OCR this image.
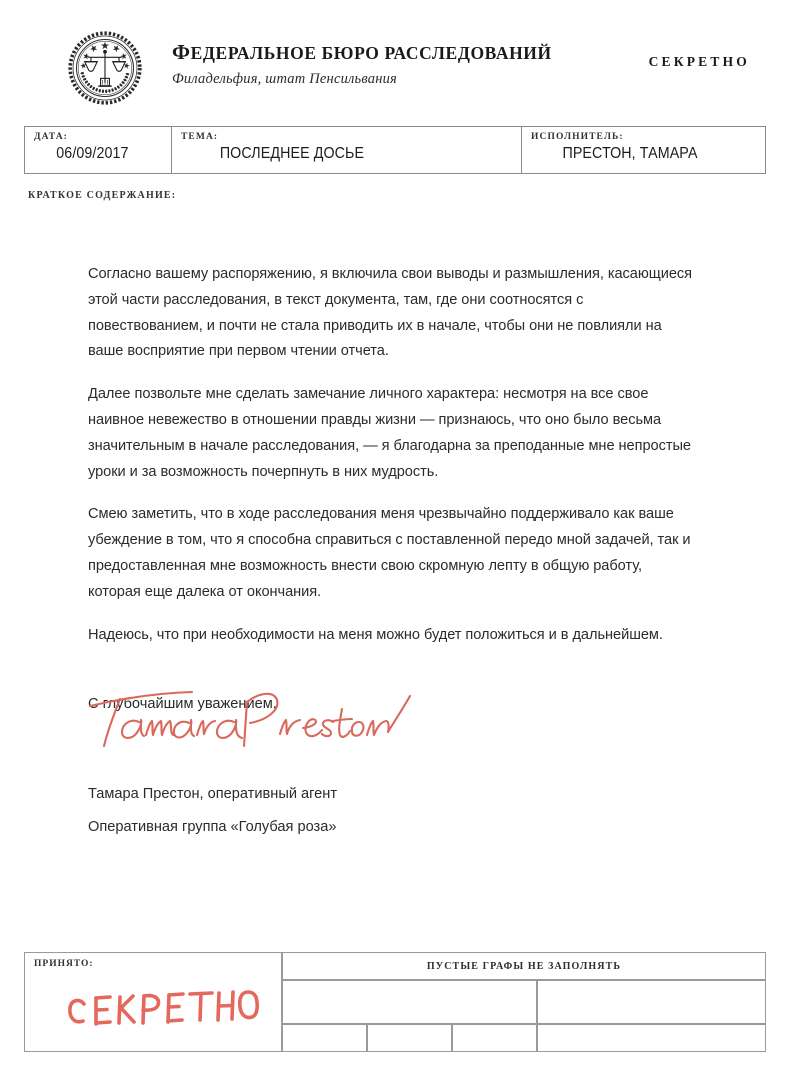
ФЕДЕРАЛЬНОЕ БЮРО РАССЛЕДОВАНИЙ
Филадельфия, штат Пенсильвания
СЕКРЕТНО
ДАТА:
06/09/2017
ТЕМА:
ПОСЛЕДНЕЕ ДОСЬЕ
ИСПОЛНИТЕЛЬ:
ПРЕСТОН, ТАМАРА
КРАТКОЕ СОДЕРЖАНИЕ:

Согласно вашему распоряжению, я включила свои выводы и размышления, касающиеся этой части расследования, в текст документа, там, где они соотносятся с повествованием, и почти не стала приводить их в начале, чтобы они не повлияли на ваше восприятие при первом чтении отчета.

Далее позвольте мне сделать замечание личного характера: несмотря на все свое наивное невежество в отношении правды жизни — признаюсь, что оно было весьма значительным в начале расследования, — я благодарна за преподанные мне непростые уроки и за возможность почерпнуть в них мудрость.

Смею заметить, что в ходе расследования меня чрезвычайно поддерживало как ваше убеждение в том, что я способна справиться с поставленной передо мной задачей, так и предоставленная мне возможность внести свою скромную лепту в общую работу, которая еще далека от окончания.

Надеюсь, что при необходимости на меня можно будет положиться и в дальнейшем.

С глубочайшим уважением,

Тамара Престон, оперативный агент
Оперативная группа «Голубая роза»
ПРИНЯТО:	ПУСТЫЕ ГРАФЫ НЕ ЗАПОЛНЯТЬ
